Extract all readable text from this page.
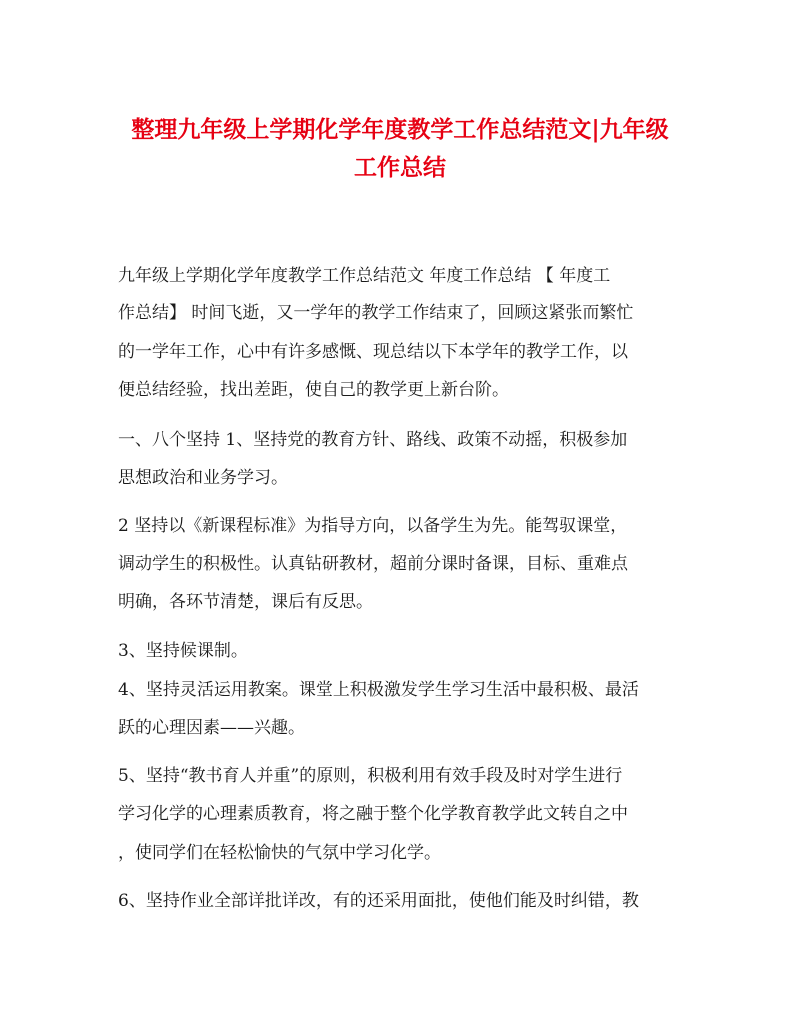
整理九年级上学期化学年度教学工作总结范文|九年级
工作总结
九年级上学期化学年度教学工作总结范文 年度工作总结 【 年度工
作总结】 时间飞逝，又一学年的教学工作结束了，回顾这紧张而繁忙
的一学年工作，心中有许多感慨、现总结以下本学年的教学工作，以
便总结经验，找出差距，使自己的教学更上新台阶。
一、八个坚持 1、坚持党的教育方针、路线、政策不动摇，积极参加
思想政治和业务学习。
2 坚持以《新课程标准》为指导方向，以备学生为先。能驾驭课堂，
调动学生的积极性。认真钻研教材，超前分课时备课，目标、重难点
明确，各环节清楚，课后有反思。
3、坚持候课制。
4、坚持灵活运用教案。课堂上积极激发学生学习生活中最积极、最活
跃的心理因素——兴趣。
5、坚持“教书育人并重”的原则，积极利用有效手段及时对学生进行
学习化学的心理素质教育，将之融于整个化学教育教学此文转自之中
，使同学们在轻松愉快的气氛中学习化学。
6、坚持作业全部详批详改，有的还采用面批，使他们能及时纠错，教
